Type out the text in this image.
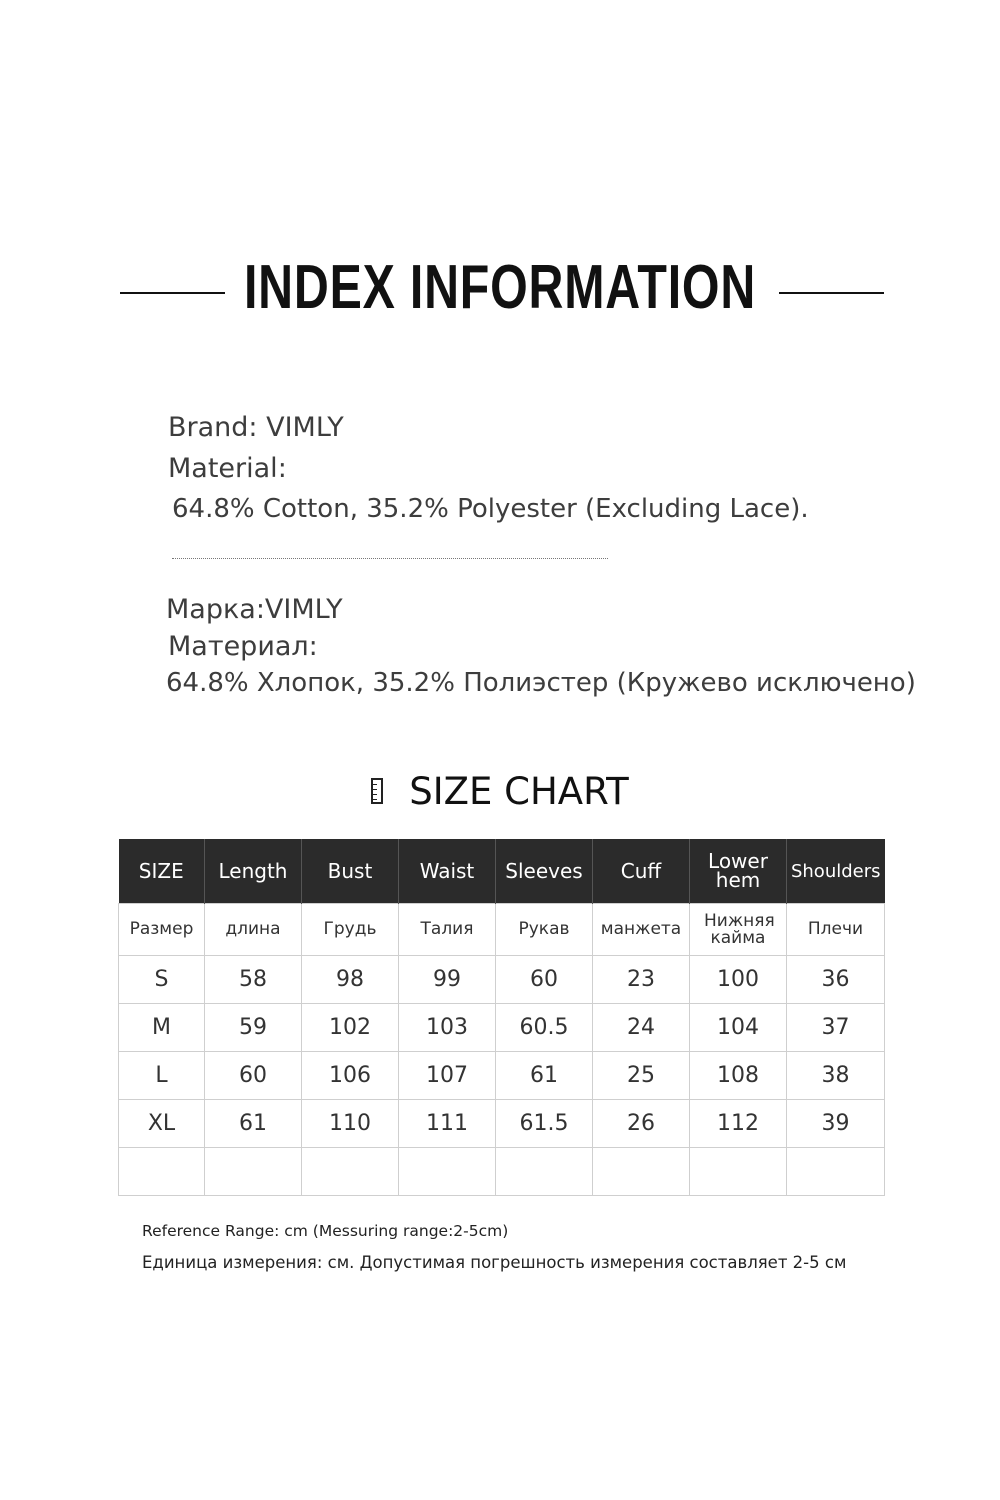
INDEX INFORMATION
Brand: VIMLY
Material:
64.8% Cotton, 35.2% Polyester (Excluding Lace).
Марка:VIMLY
Материал:
64.8% Хлопок, 35.2% Полиэстер (Кружево исключено)
SIZE CHART
SIZE	Length	Bust	Waist	Sleeves	Cuff	Lower hem	Shoulders
Размер	длина	Грудь	Талия	Рукав	манжета	Нижняя кайма	Плечи
S	58	98	99	60	23	100	36
M	59	102	103	60.5	24	104	37
L	60	106	107	61	25	108	38
XL	61	110	111	61.5	26	112	39

Reference Range: cm (Messuring range:2-5cm)
Единица измерения: см. Допустимая погрешность измерения составляет 2-5 см
